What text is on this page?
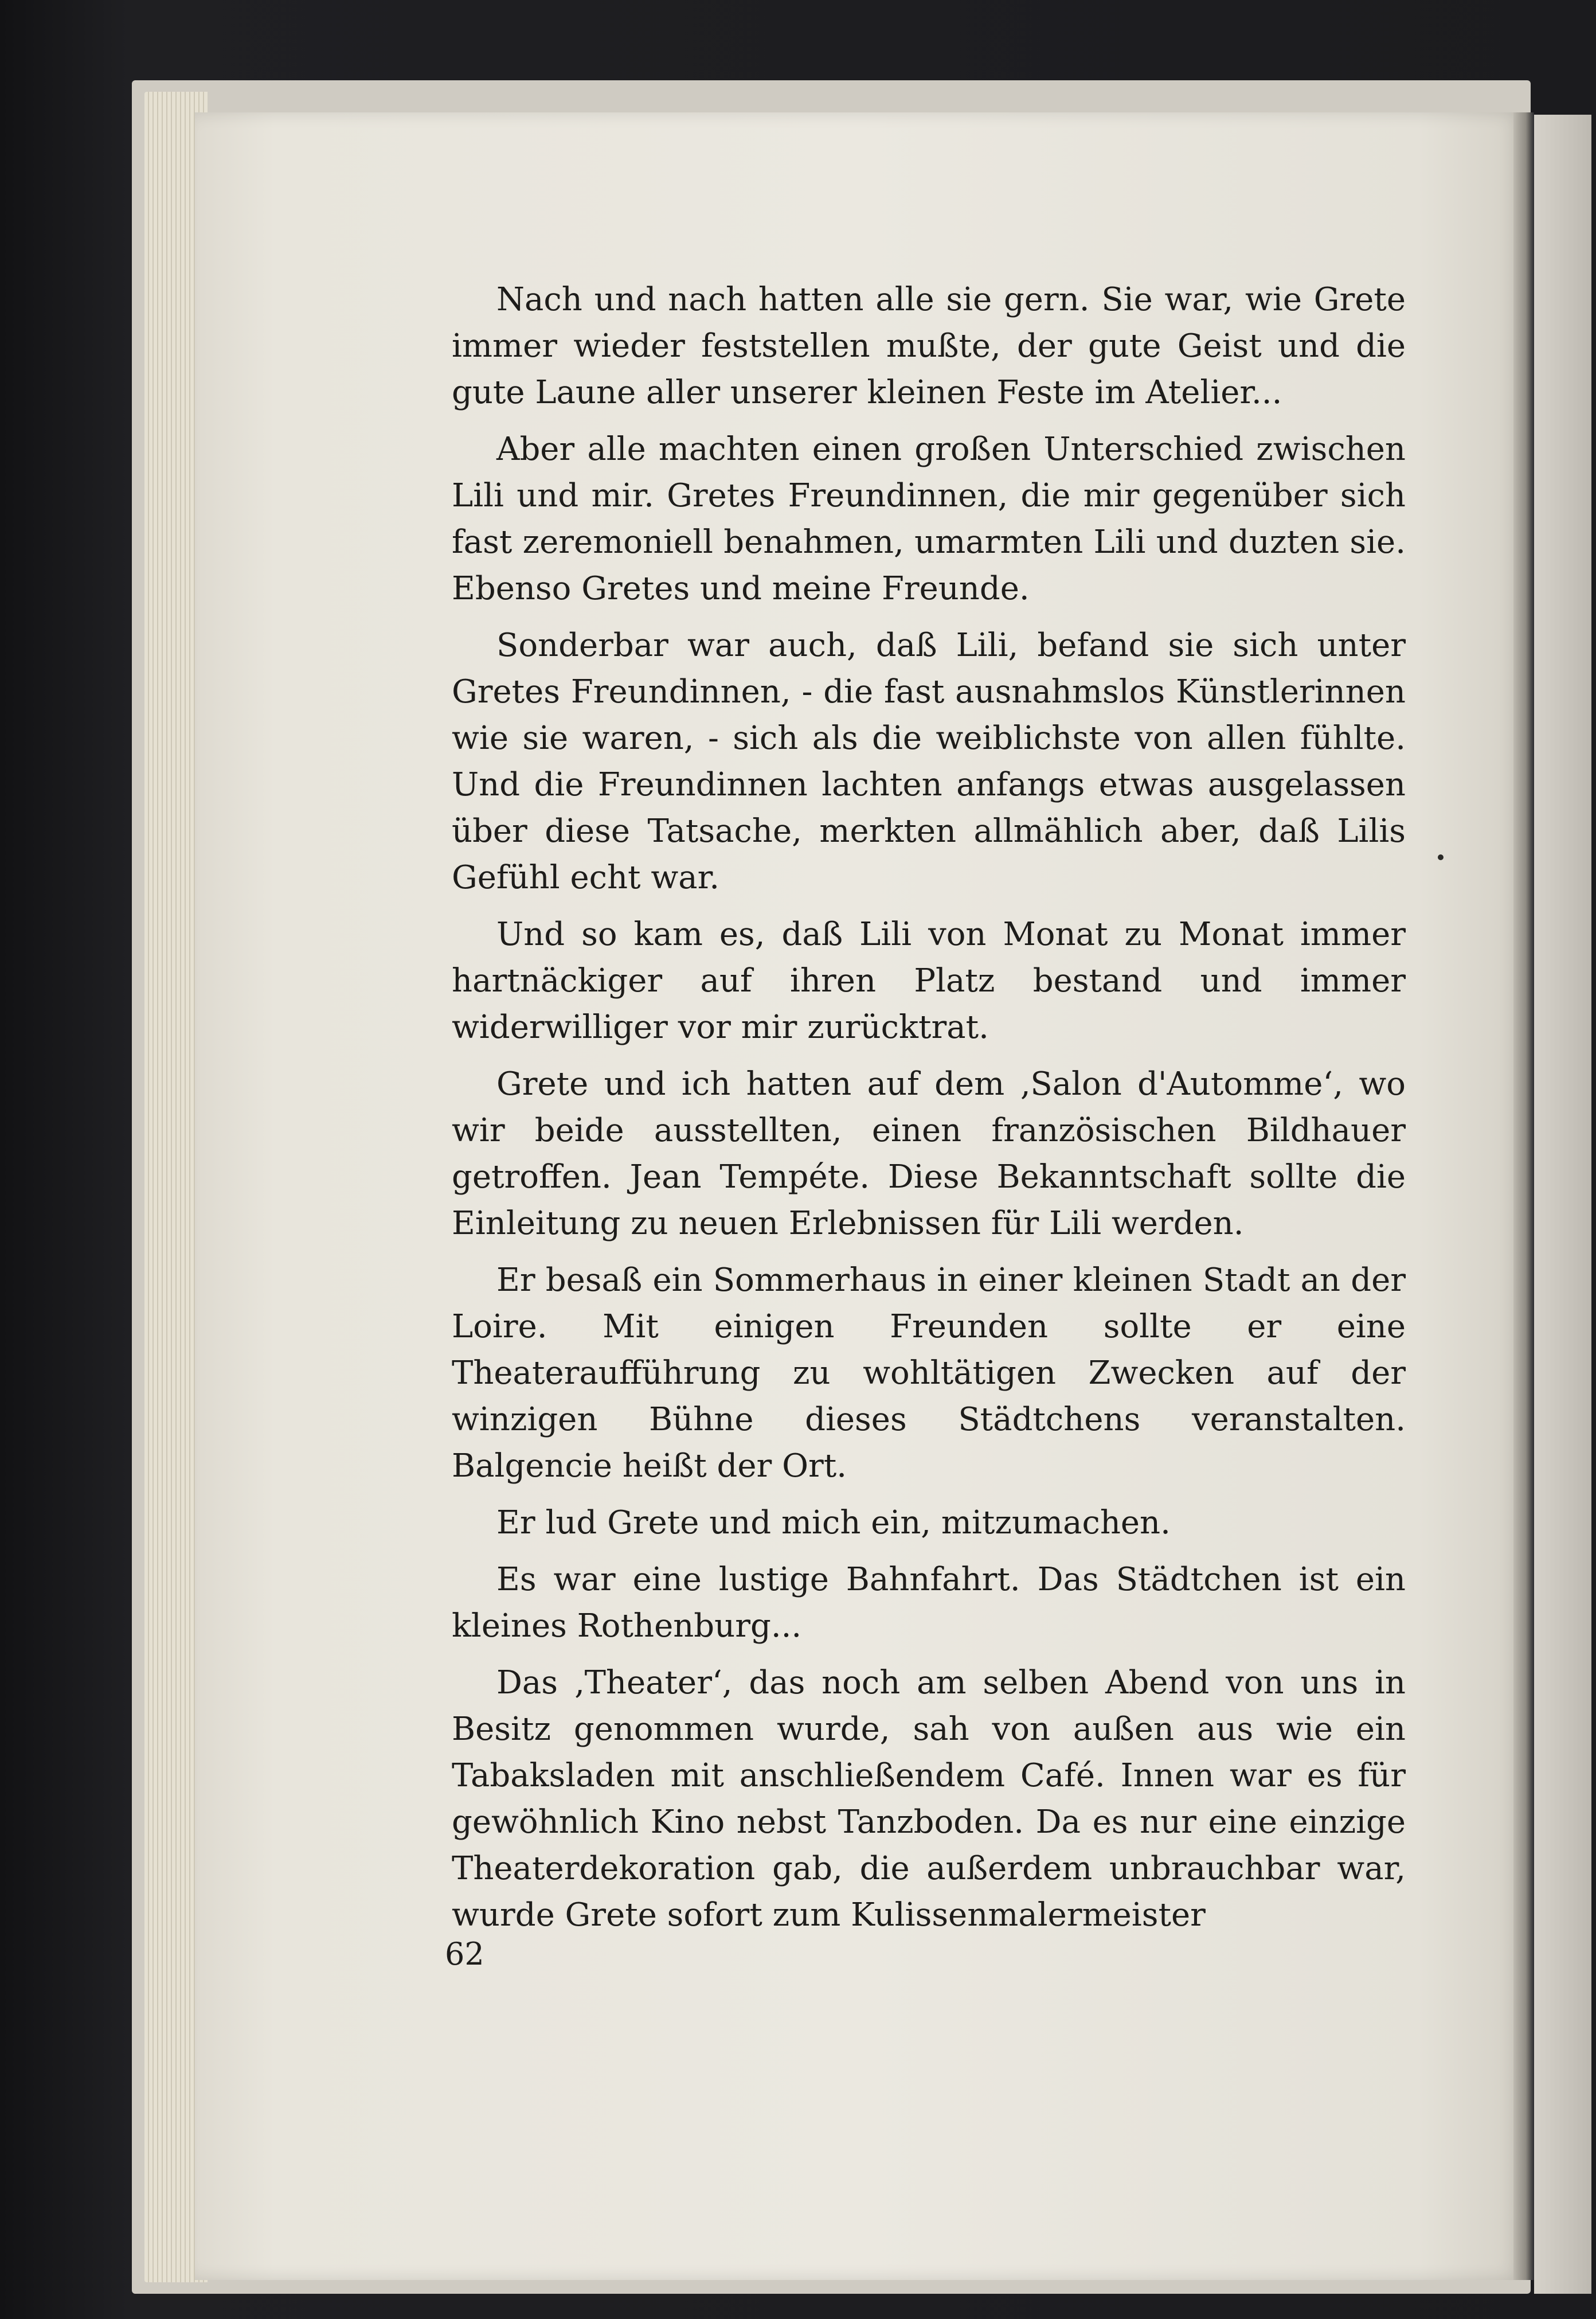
Nach und nach hatten alle sie gern. Sie war, wie Grete immer wieder feststellen mußte, der gute Geist und die gute Laune aller unserer kleinen Feste im Atelier...

Aber alle machten einen großen Unterschied zwischen Lili und mir. Gretes Freundinnen, die mir gegenüber sich fast zeremoniell benahmen, umarmten Lili und duzten sie. Ebenso Gretes und meine Freunde.

Sonderbar war auch, daß Lili, befand sie sich unter Gretes Freundinnen, - die fast ausnahmslos Künstlerinnen wie sie waren, - sich als die weiblichste von allen fühlte. Und die Freundinnen lachten anfangs etwas ausgelassen über diese Tatsache, merkten allmählich aber, daß Lilis Gefühl echt war.

Und so kam es, daß Lili von Monat zu Monat immer hartnäckiger auf ihren Platz bestand und immer widerwilliger vor mir zurücktrat.

Grete und ich hatten auf dem ‚Salon d'Automme‘, wo wir beide ausstellten, einen französischen Bildhauer getroffen. Jean Tempéte. Diese Bekanntschaft sollte die Einleitung zu neuen Erlebnissen für Lili werden.

Er besaß ein Sommerhaus in einer kleinen Stadt an der Loire. Mit einigen Freunden sollte er eine Theateraufführung zu wohltätigen Zwecken auf der winzigen Bühne dieses Städtchens veranstalten. Balgencie heißt der Ort.

Er lud Grete und mich ein, mitzumachen.

Es war eine lustige Bahnfahrt. Das Städtchen ist ein kleines Rothenburg...

Das ‚Theater‘, das noch am selben Abend von uns in Besitz genommen wurde, sah von außen aus wie ein Tabaksladen mit anschließendem Café. Innen war es für gewöhnlich Kino nebst Tanzboden. Da es nur eine einzige Theaterdekoration gab, die außerdem unbrauchbar war, wurde Grete sofort zum Kulissenmalermeister

62
